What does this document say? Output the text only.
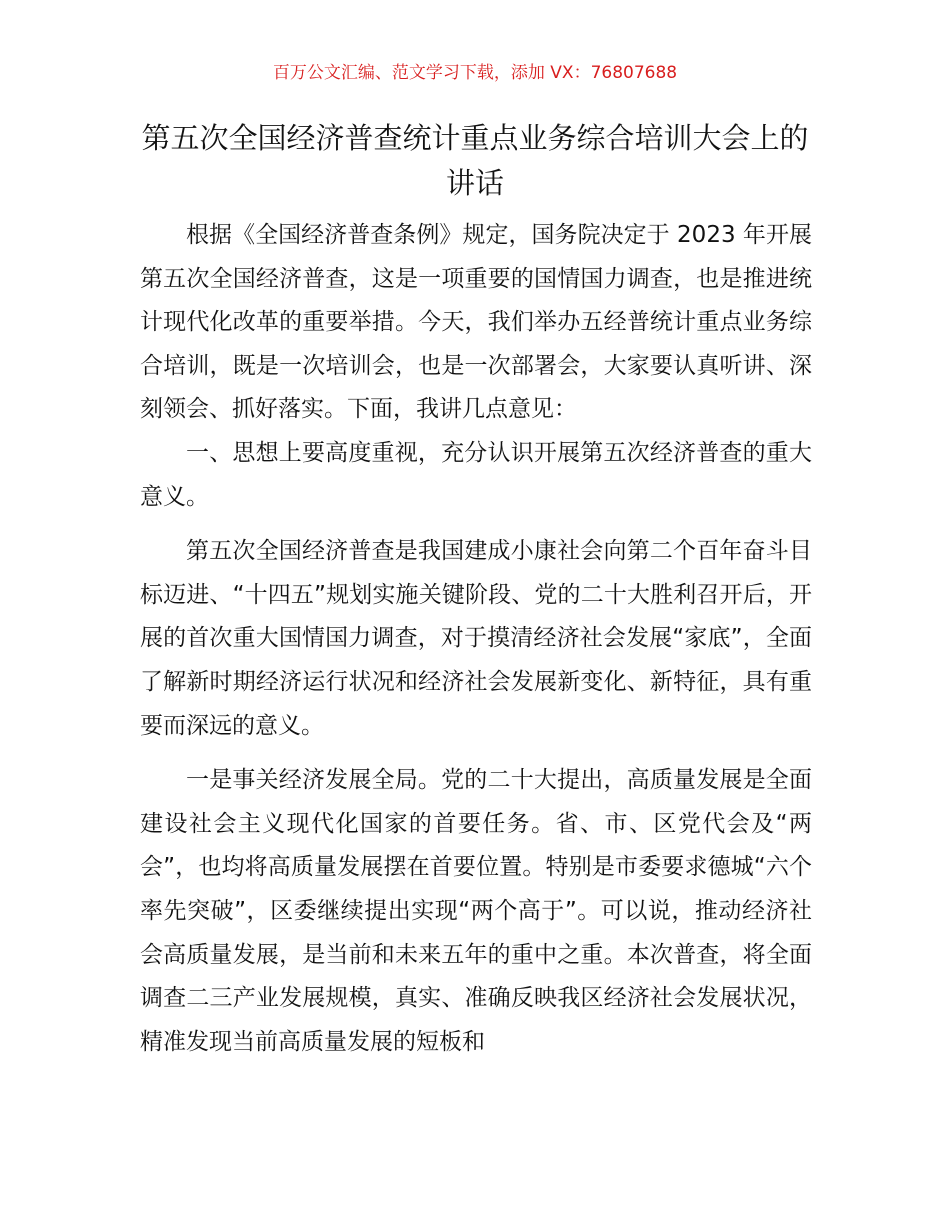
百万公文汇编、范文学习下载，添加 VX：76807688
第五次全国经济普查统计重点业务综合培训大会上的讲话

根据《全国经济普查条例》规定，国务院决定于 2023 年开展第五次全国经济普查，这是一项重要的国情国力调查，也是推进统计现代化改革的重要举措。今天，我们举办五经普统计重点业务综合培训，既是一次培训会，也是一次部署会，大家要认真听讲、深刻领会、抓好落实。下面，我讲几点意见：

一、思想上要高度重视，充分认识开展第五次经济普查的重大意义。

第五次全国经济普查是我国建成小康社会向第二个百年奋斗目标迈进、“十四五”规划实施关键阶段、党的二十大胜利召开后，开展的首次重大国情国力调查，对于摸清经济社会发展“家底”，全面了解新时期经济运行状况和经济社会发展新变化、新特征，具有重要而深远的意义。

一是事关经济发展全局。党的二十大提出，高质量发展是全面建设社会主义现代化国家的首要任务。省、市、区党代会及“两会”，也均将高质量发展摆在首要位置。特别是市委要求德城“六个率先突破”，区委继续提出实现“两个高于”。可以说，推动经济社会高质量发展，是当前和未来五年的重中之重。本次普查，将全面调查二三产业发展规模，真实、准确反映我区经济社会发展状况，精准发现当前高质量发展的短板和
